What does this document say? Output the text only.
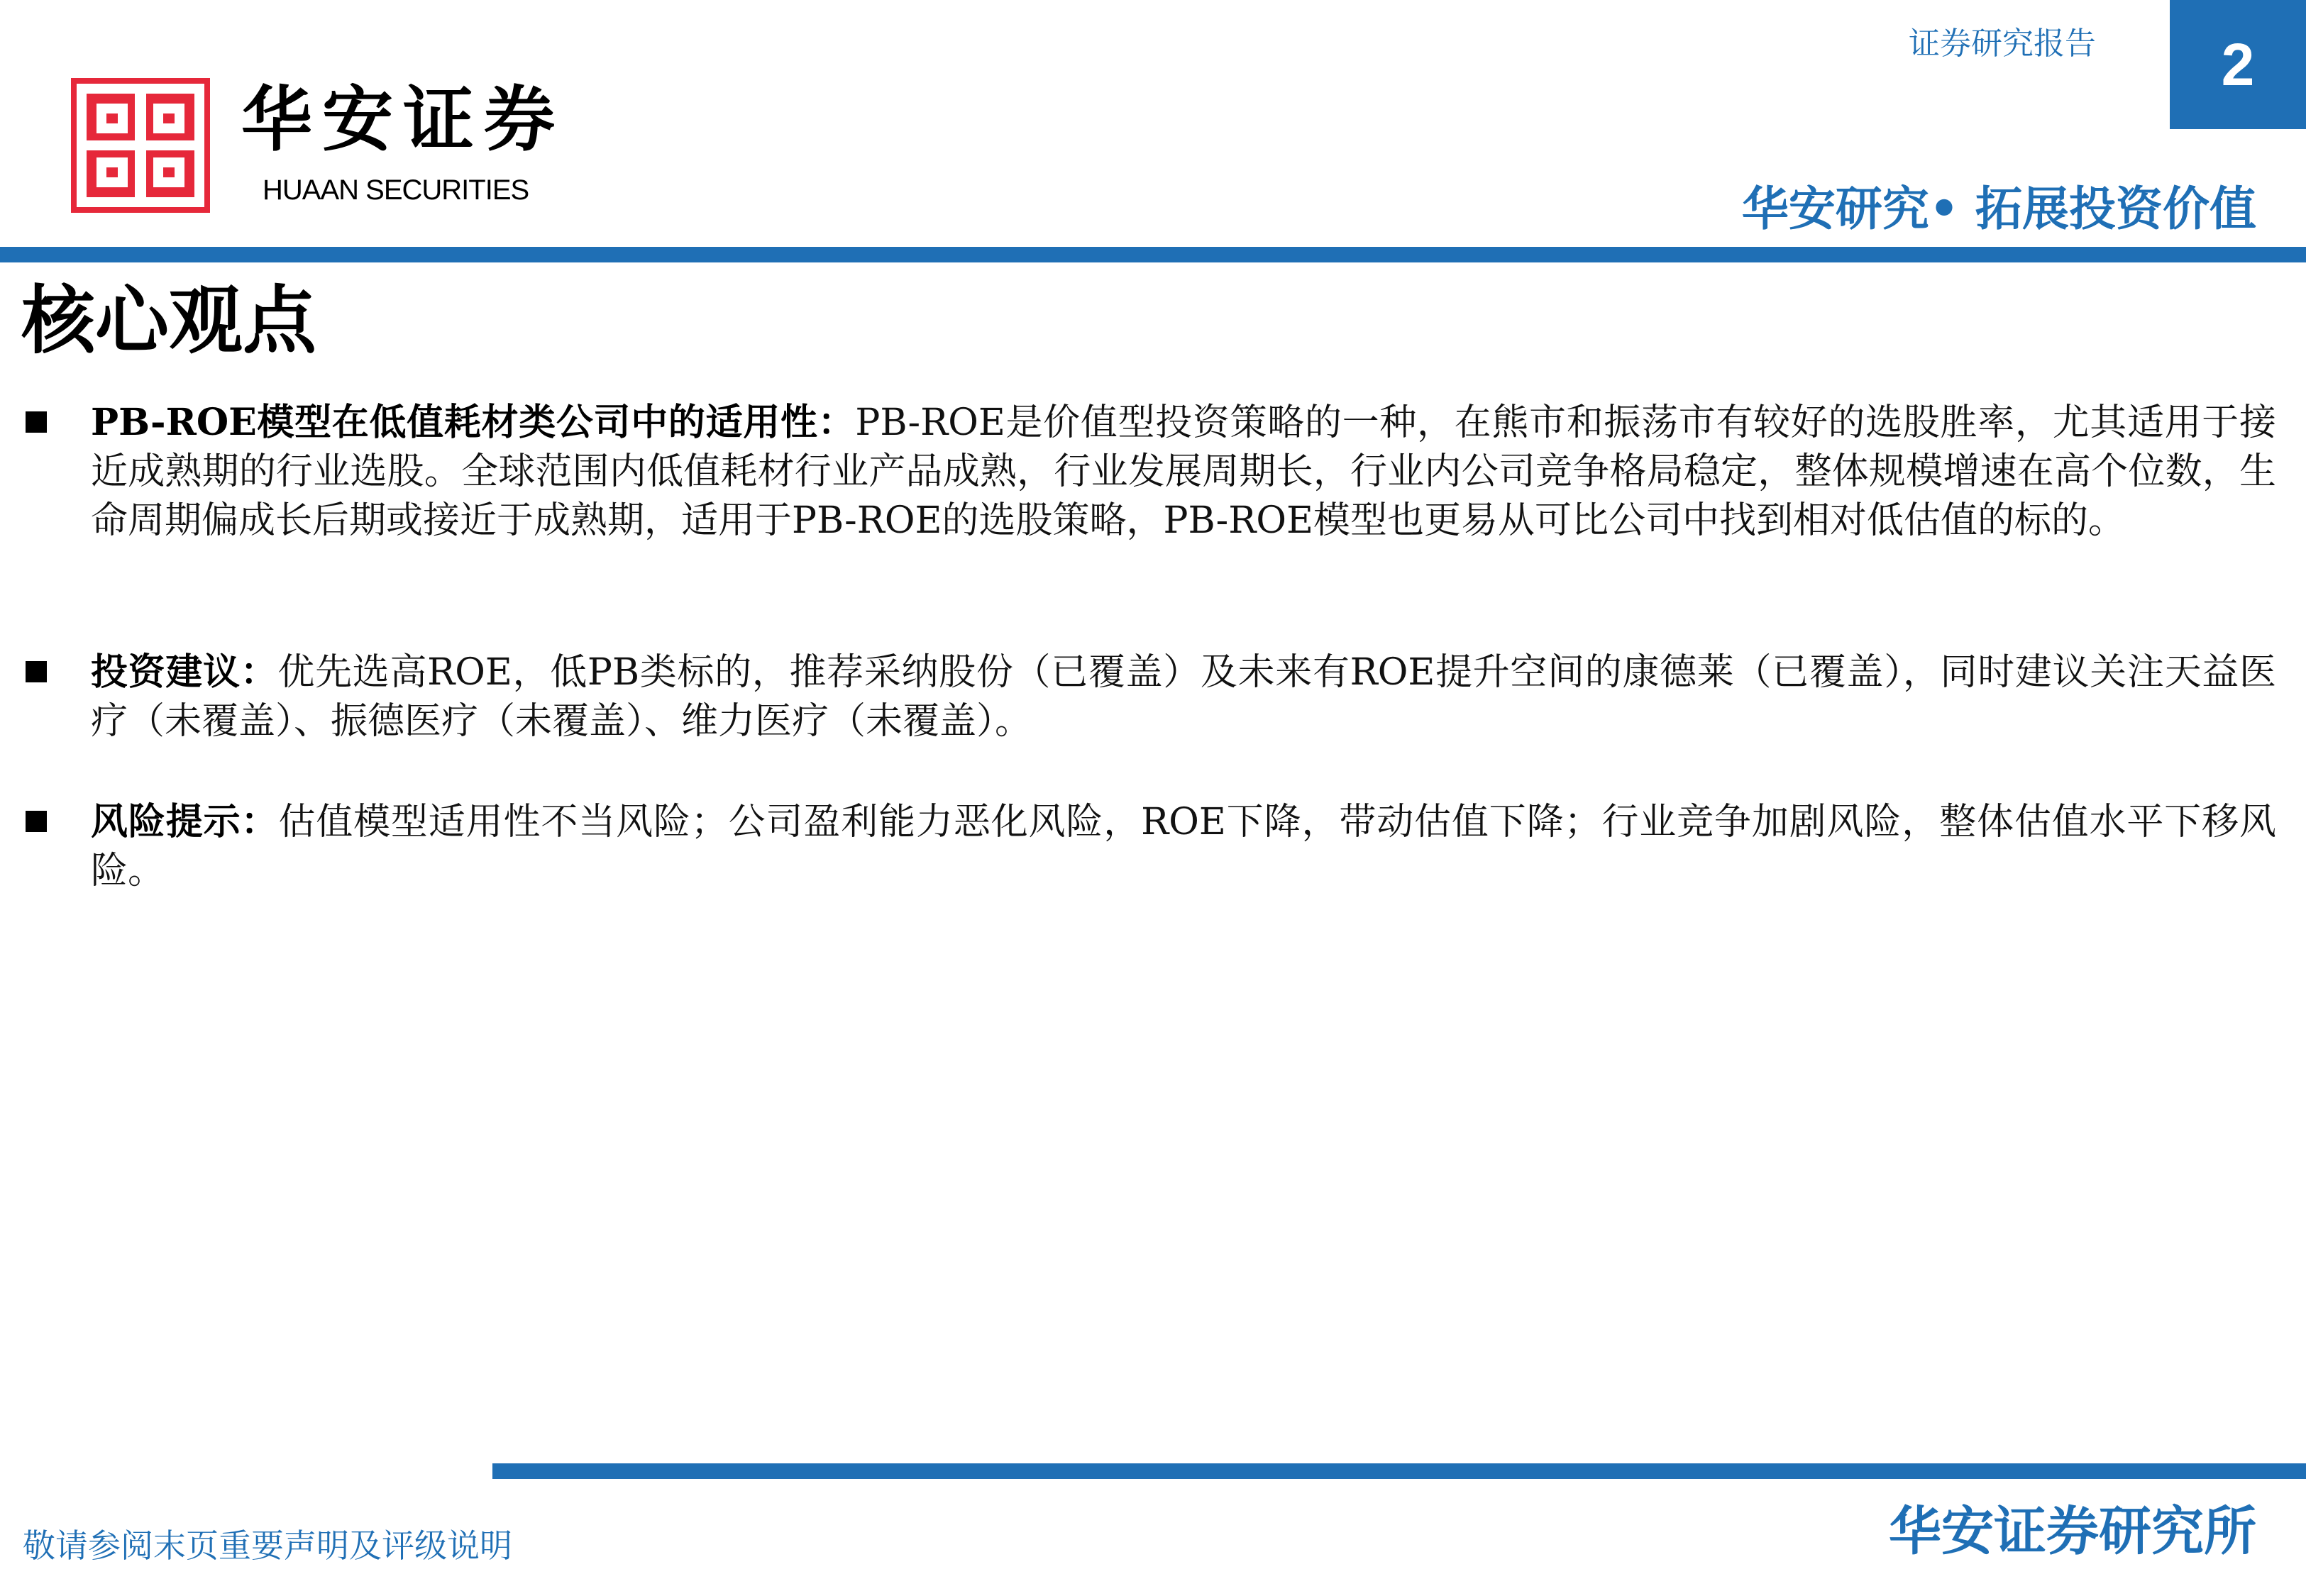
华安证券
HUAAN SECURITIES
证券研究报告	2
华安研究• 拓展投资价值
核心观点

PB-ROE模型在低值耗材类公司中的适用性：PB-ROE是价值型投资策略的一种，在熊市和振荡市有较好的选股胜率，尤其适用于接近成熟期的行业选股。全球范围内低值耗材行业产品成熟，行业发展周期长，行业内公司竞争格局稳定，整体规模增速在高个位数，生命周期偏成长后期或接近于成熟期，适用于PB-ROE的选股策略，PB-ROE模型也更易从可比公司中找到相对低估值的标的。

投资建议：优先选高ROE，低PB类标的，推荐采纳股份（已覆盖）及未来有ROE提升空间的康德莱（已覆盖），同时建议关注天益医疗（未覆盖）、振德医疗（未覆盖）、维力医疗（未覆盖）。

风险提示：估值模型适用性不当风险；公司盈利能力恶化风险，ROE下降，带动估值下降；行业竞争加剧风险，整体估值水平下移风险。

敬请参阅末页重要声明及评级说明	华安证券研究所
